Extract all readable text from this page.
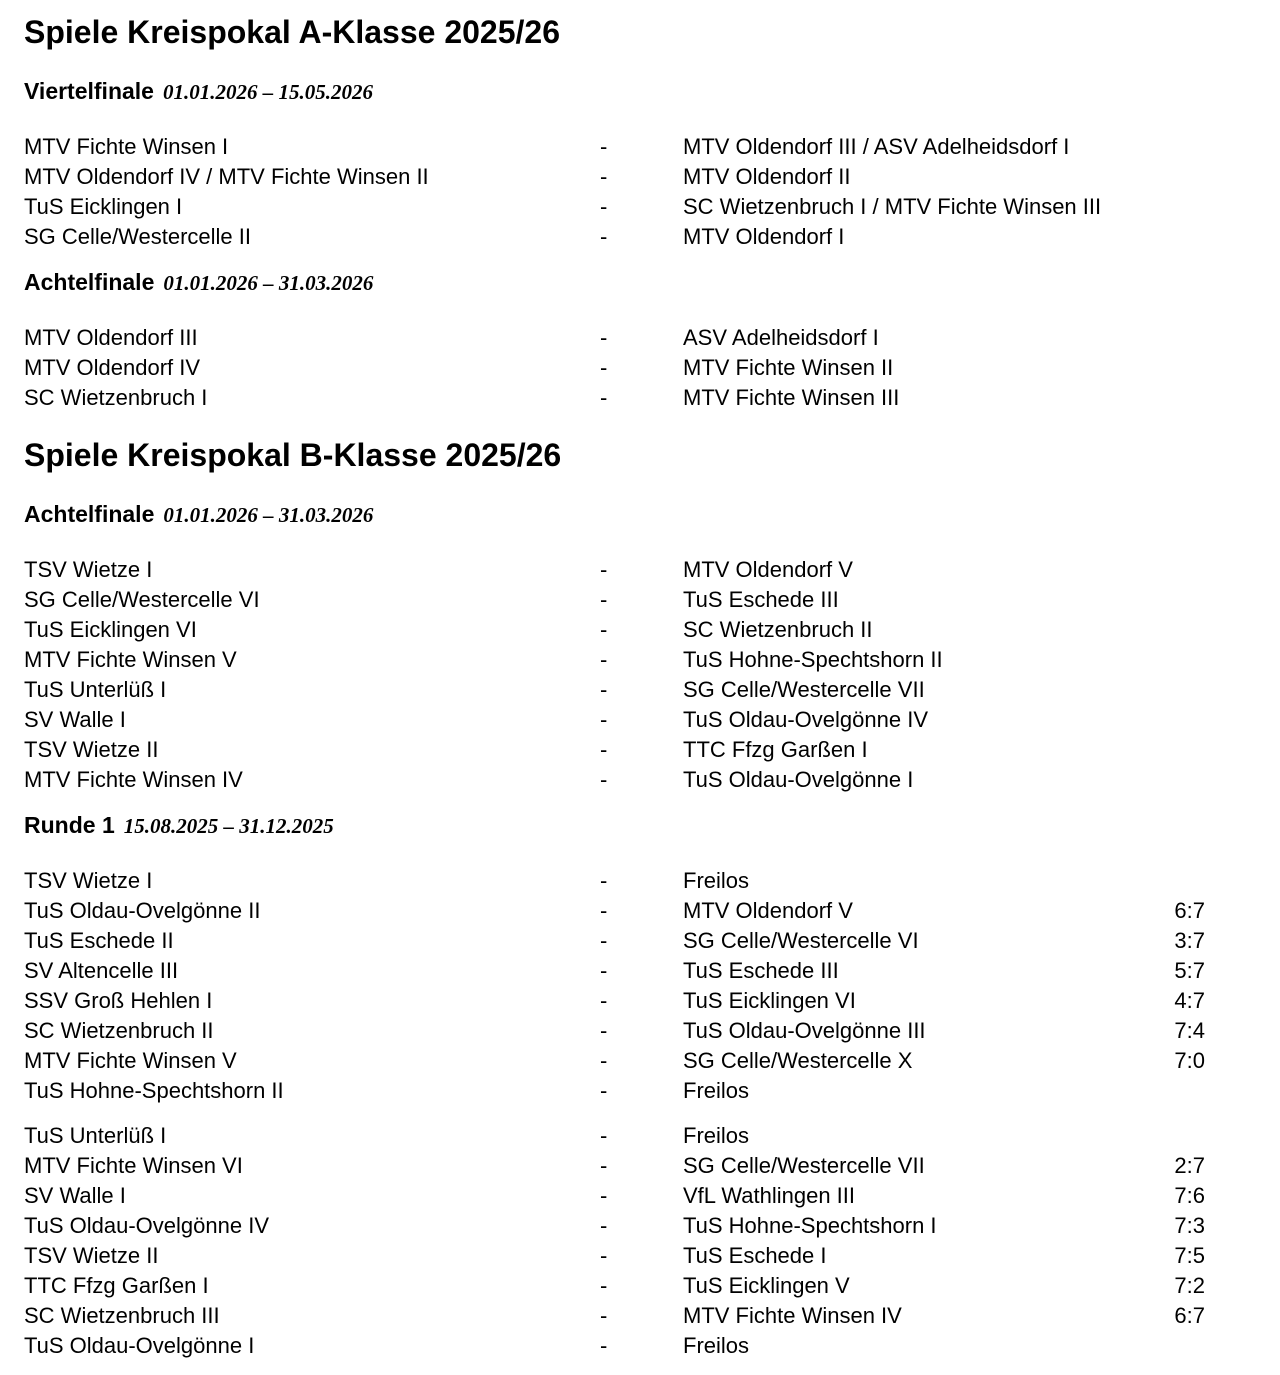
Spiele Kreispokal A-Klasse 2025/26
Viertelfinale 01.01.2026 – 15.05.2026
MTV Fichte Winsen I	-	MTV Oldendorf III / ASV Adelheidsdorf I
MTV Oldendorf IV / MTV Fichte Winsen II	-	MTV Oldendorf II
TuS Eicklingen I	-	SC Wietzenbruch I / MTV Fichte Winsen III
SG Celle/Westercelle II	-	MTV Oldendorf I
Achtelfinale 01.01.2026 – 31.03.2026
MTV Oldendorf III	-	ASV Adelheidsdorf I
MTV Oldendorf IV	-	MTV Fichte Winsen II
SC Wietzenbruch I	-	MTV Fichte Winsen III
Spiele Kreispokal B-Klasse 2025/26
Achtelfinale 01.01.2026 – 31.03.2026
TSV Wietze I	-	MTV Oldendorf V
SG Celle/Westercelle VI	-	TuS Eschede III
TuS Eicklingen VI	-	SC Wietzenbruch II
MTV Fichte Winsen V	-	TuS Hohne-Spechtshorn II
TuS Unterlüß I	-	SG Celle/Westercelle VII
SV Walle I	-	TuS Oldau-Ovelgönne IV
TSV Wietze II	-	TTC Ffzg Garßen I
MTV Fichte Winsen IV	-	TuS Oldau-Ovelgönne I
Runde 1 15.08.2025 – 31.12.2025
TSV Wietze I	-	Freilos
TuS Oldau-Ovelgönne II	-	MTV Oldendorf V	6:7
TuS Eschede II	-	SG Celle/Westercelle VI	3:7
SV Altencelle III	-	TuS Eschede III	5:7
SSV Groß Hehlen I	-	TuS Eicklingen VI	4:7
SC Wietzenbruch II	-	TuS Oldau-Ovelgönne III	7:4
MTV Fichte Winsen V	-	SG Celle/Westercelle X	7:0
TuS Hohne-Spechtshorn II	-	Freilos
TuS Unterlüß I	-	Freilos
MTV Fichte Winsen VI	-	SG Celle/Westercelle VII	2:7
SV Walle I	-	VfL Wathlingen III	7:6
TuS Oldau-Ovelgönne IV	-	TuS Hohne-Spechtshorn I	7:3
TSV Wietze II	-	TuS Eschede I	7:5
TTC Ffzg Garßen I	-	TuS Eicklingen V	7:2
SC Wietzenbruch III	-	MTV Fichte Winsen IV	6:7
TuS Oldau-Ovelgönne I	-	Freilos
